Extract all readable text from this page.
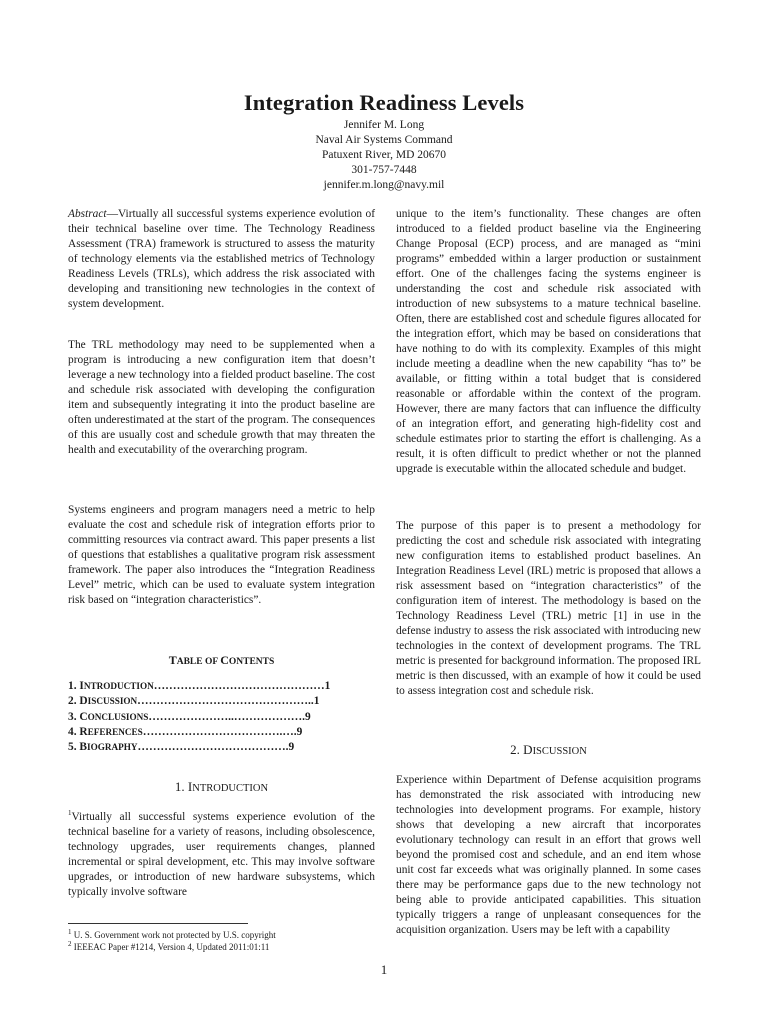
Integration Readiness Levels
Jennifer M. Long
Naval Air Systems Command
Patuxent River, MD 20670
301-757-7448
jennifer.m.long@navy.mil

Abstract—Virtually all successful systems experience evolution of their technical baseline over time. The Technology Readiness Assessment (TRA) framework is structured to assess the maturity of technology elements via the established metrics of Technology Readiness Levels (TRLs), which address the risk associated with developing and transitioning new technologies in the context of system development.

The TRL methodology may need to be supplemented when a program is introducing a new configuration item that doesn’t leverage a new technology into a fielded product baseline. The cost and schedule risk associated with developing the configuration item and subsequently integrating it into the product baseline are often underestimated at the start of the program. The consequences of this are usually cost and schedule growth that may threaten the health and executability of the overarching program.

Systems engineers and program managers need a metric to help evaluate the cost and schedule risk of integration efforts prior to committing resources via contract award. This paper presents a list of questions that establishes a qualitative program risk assessment framework. The paper also introduces the “Integration Readiness Level” metric, which can be used to evaluate system integration risk based on “integration characteristics”.

TABLE OF CONTENTS
1. INTRODUCTION………………………………………1
2. DISCUSSION………………………………………..1
3. CONCLUSIONS…………………..……………….9
4. REFERENCES……………………………….….9
5. BIOGRAPHY………………………………….9
1. INTRODUCTION

$^1$Virtually all successful systems experience evolution of the technical baseline for a variety of reasons, including obsolescence, technology upgrades, user requirements changes, planned incremental or spiral development, etc. This may involve software upgrades, or introduction of new hardware subsystems, which typically involve software

$^1$ U. S. Government work not protected by U.S. copyright
$^2$ IEEEAC Paper #1214, Version 4, Updated 2011:01:11

unique to the item’s functionality. These changes are often introduced to a fielded product baseline via the Engineering Change Proposal (ECP) process, and are managed as “mini programs” embedded within a larger production or sustainment effort. One of the challenges facing the systems engineer is understanding the cost and schedule risk associated with introduction of new subsystems to a mature technical baseline. Often, there are established cost and schedule figures allocated for the integration effort, which may be based on considerations that have nothing to do with its complexity. Examples of this might include meeting a deadline when the new capability “has to” be available, or fitting within a total budget that is considered reasonable or affordable within the context of the program. However, there are many factors that can influence the difficulty of an integration effort, and generating high-fidelity cost and schedule estimates prior to starting the effort is challenging. As a result, it is often difficult to predict whether or not the planned upgrade is executable within the allocated schedule and budget.

The purpose of this paper is to present a methodology for predicting the cost and schedule risk associated with integrating new configuration items to established product baselines. An Integration Readiness Level (IRL) metric is proposed that allows a risk assessment based on “integration characteristics” of the configuration item of interest. The methodology is based on the Technology Readiness Level (TRL) metric [1] in use in the defense industry to assess the risk associated with introducing new technologies in the context of development programs. The TRL metric is presented for background information. The proposed IRL metric is then discussed, with an example of how it could be used to assess integration cost and schedule risk.

2. DISCUSSION

Experience within Department of Defense acquisition programs has demonstrated the risk associated with introducing new technologies into development programs. For example, history shows that developing a new aircraft that incorporates evolutionary technology can result in an effort that grows well beyond the promised cost and schedule, and an end item whose unit cost far exceeds what was originally planned. In some cases there may be performance gaps due to the new technology not being able to provide anticipated capabilities. This situation typically triggers a range of unpleasant consequences for the acquisition organization. Users may be left with a capability

1
